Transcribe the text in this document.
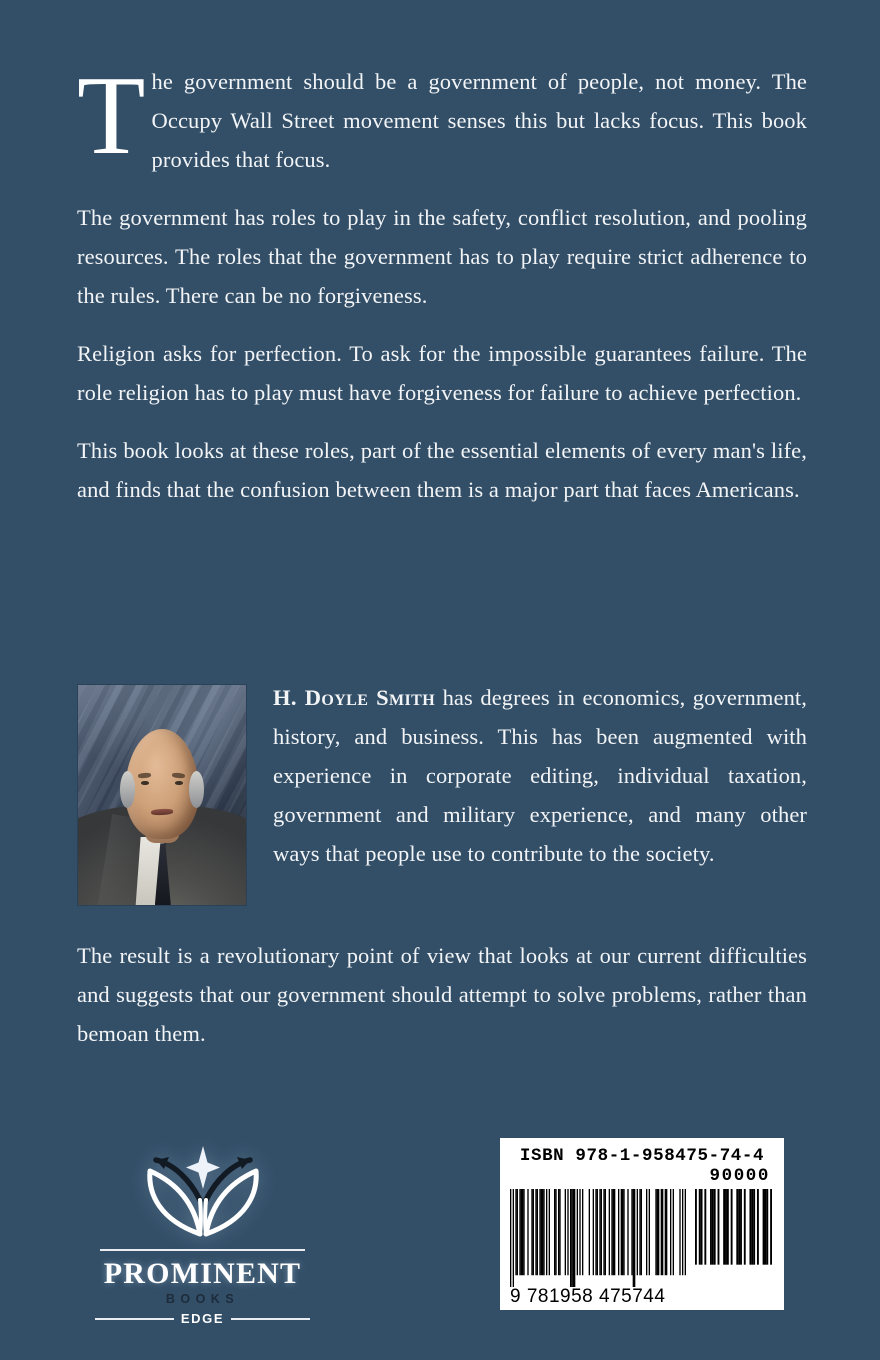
The government should be a government of people, not money. The Occupy Wall Street movement senses this but lacks focus. This book provides that focus.

The government has roles to play in the safety, conflict resolution, and pooling resources. The roles that the government has to play require strict adherence to the rules. There can be no forgiveness.

Religion asks for perfection. To ask for the impossible guarantees failure. The role religion has to play must have forgiveness for failure to achieve perfection.

This book looks at these roles, part of the essential elements of every man's life, and finds that the confusion between them is a major part that faces Americans.

H. Doyle Smith has degrees in economics, government, history, and business. This has been augmented with experience in corporate editing, individual taxation, government and military experience, and many other ways that people use to contribute to the society.

The result is a revolutionary point of view that looks at our current difficulties and suggests that our government should attempt to solve problems, rather than bemoan them.

PROMINENT
BOOKS
EDGE
ISBN 978-1-958475-74-4
90000
9 781958 475744
